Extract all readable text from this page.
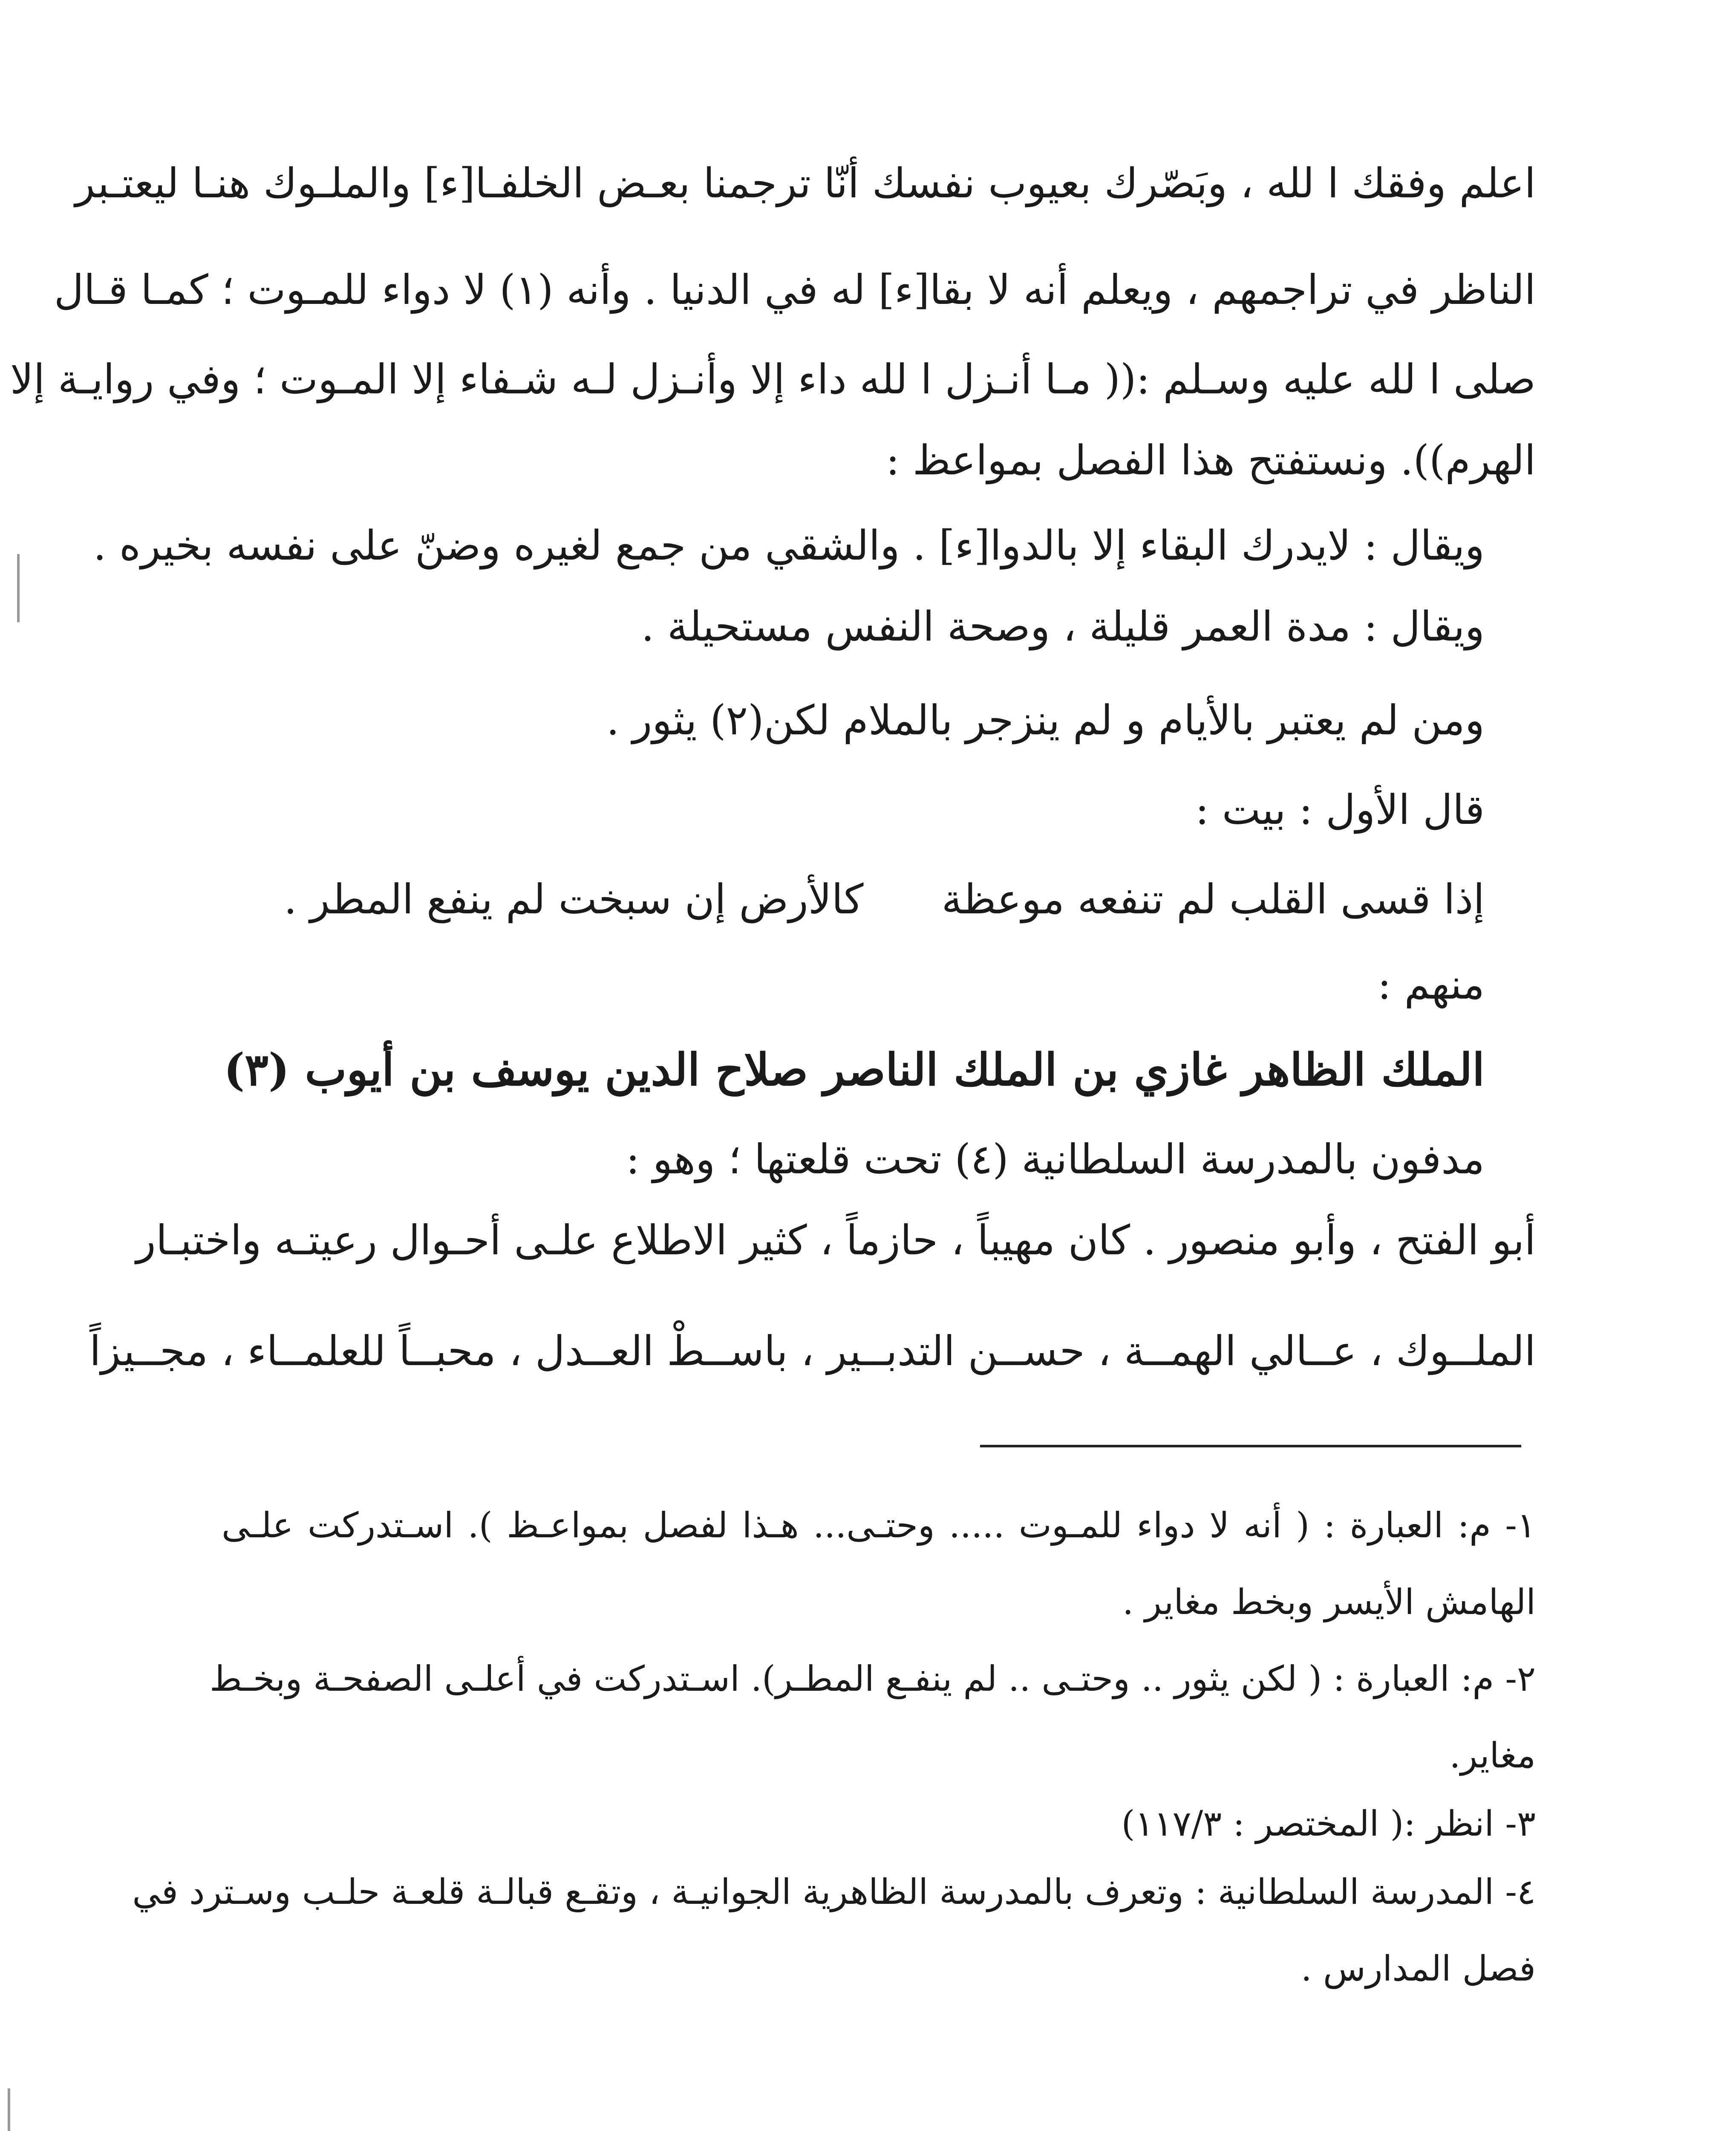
اعلم وفقك ا لله ، وبَصّرك بعيوب نفسك أنّا ترجمنا بعـض الخلفـا[ء] والملـوك هنـا ليعتـبر
الناظر في تراجمهم ، ويعلم أنه لا بقا[ء] له في الدنيا . وأنه (١) لا دواء للمـوت ؛ كمـا قـال
صلى ا لله عليه وسـلم :(( مـا أنـزل ا لله داء إلا وأنـزل لـه شـفاء إلا المـوت ؛ وفي روايـة إلا
الهرم)). ونستفتح هذا الفصل بمواعظ :
ويقال : لايدرك البقاء إلا بالدوا[ء] . والشقي من جمع لغيره وضنّ على نفسه بخيره .
ويقال : مدة العمر قليلة ، وصحة النفس مستحيلة .
ومن لم يعتبر بالأيام و لم ينزجر بالملام لكن(٢) يثور .
قال الأول : بيت :
إذا قسى القلب لم تنفعه موعظة      كالأرض إن سبخت لم ينفع المطر .
منهم :
الملك الظاهر غازي بن الملك الناصر صلاح الدين يوسف بن أيوب (٣)
مدفون بالمدرسة السلطانية (٤) تحت قلعتها ؛ وهو :
أبو الفتح ، وأبو منصور . كان مهيباً ، حازماً ، كثير الاطلاع علـى أحـوال رعيتـه واختبـار
الملــوك ، عــالي الهمــة ، حســن التدبــير ، باســطْ العــدل ، محبــاً للعلمــاء ، مجــيزاً
١- م: العبارة : ( أنه لا دواء للمـوت ..... وحتـى... هـذا لفصل بمواعـظ ). اسـتدركت علـى
الهامش الأيسر وبخط مغاير .
٢- م: العبارة : ( لكن يثور .. وحتـى .. لم ينفـع المطـر). اسـتدركت في أعلـى الصفحـة وبخـط
مغاير.
٣- انظر :( المختصر : ١١٧/٣)
٤- المدرسة السلطانية : وتعرف بالمدرسة الظاهرية الجوانيـة ، وتقـع قبالـة قلعـة حلـب وسـترد في
فصل المدارس .
